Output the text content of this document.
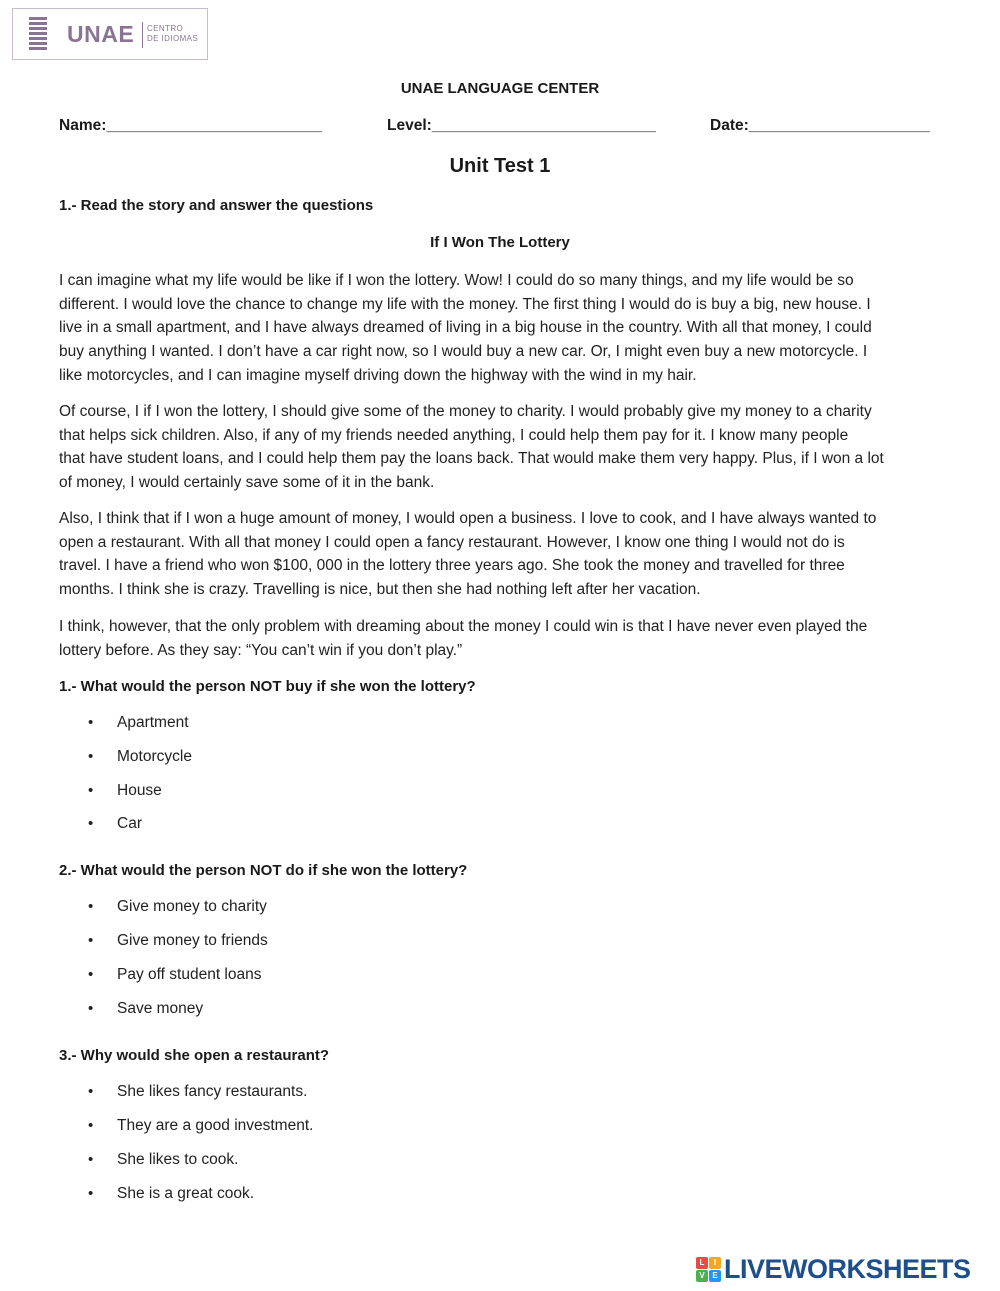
UNAE CENTRO
DE IDIOMAS
UNAE LANGUAGE CENTER
Name:_________________________	Level:__________________________	Date:_____________________
Unit Test 1
1.- Read the story and answer the questions
If I Won The Lottery
I can imagine what my life would be like if I won the lottery. Wow! I could do so many things, and my life would be so
different. I would love the chance to change my life with the money. The first thing I would do is buy a big, new house. I
live in a small apartment, and I have always dreamed of living in a big house in the country. With all that money, I could
buy anything I wanted. I don’t have a car right now, so I would buy a new car. Or, I might even buy a new motorcycle. I
like motorcycles, and I can imagine myself driving down the highway with the wind in my hair.
Of course, I if I won the lottery, I should give some of the money to charity. I would probably give my money to a charity
that helps sick children. Also, if any of my friends needed anything, I could help them pay for it. I know many people
that have student loans, and I could help them pay the loans back. That would make them very happy. Plus, if I won a lot
of money, I would certainly save some of it in the bank.
Also, I think that if I won a huge amount of money, I would open a business. I love to cook, and I have always wanted to
open a restaurant. With all that money I could open a fancy restaurant. However, I know one thing I would not do is
travel. I have a friend who won $100, 000 in the lottery three years ago. She took the money and travelled for three
months. I think she is crazy. Travelling is nice, but then she had nothing left after her vacation.
I think, however, that the only problem with dreaming about the money I could win is that I have never even played the
lottery before. As they say: “You can’t win if you don’t play.”
1.- What would the person NOT buy if she won the lottery?
• Apartment
• Motorcycle
• House
• Car
2.- What would the person NOT do if she won the lottery?
• Give money to charity
• Give money to friends
• Pay off student loans
• Save money
3.- Why would she open a restaurant?
• She likes fancy restaurants.
• They are a good investment.
• She likes to cook.
• She is a great cook.
L	I
V E LIVEWORKSHEETS
